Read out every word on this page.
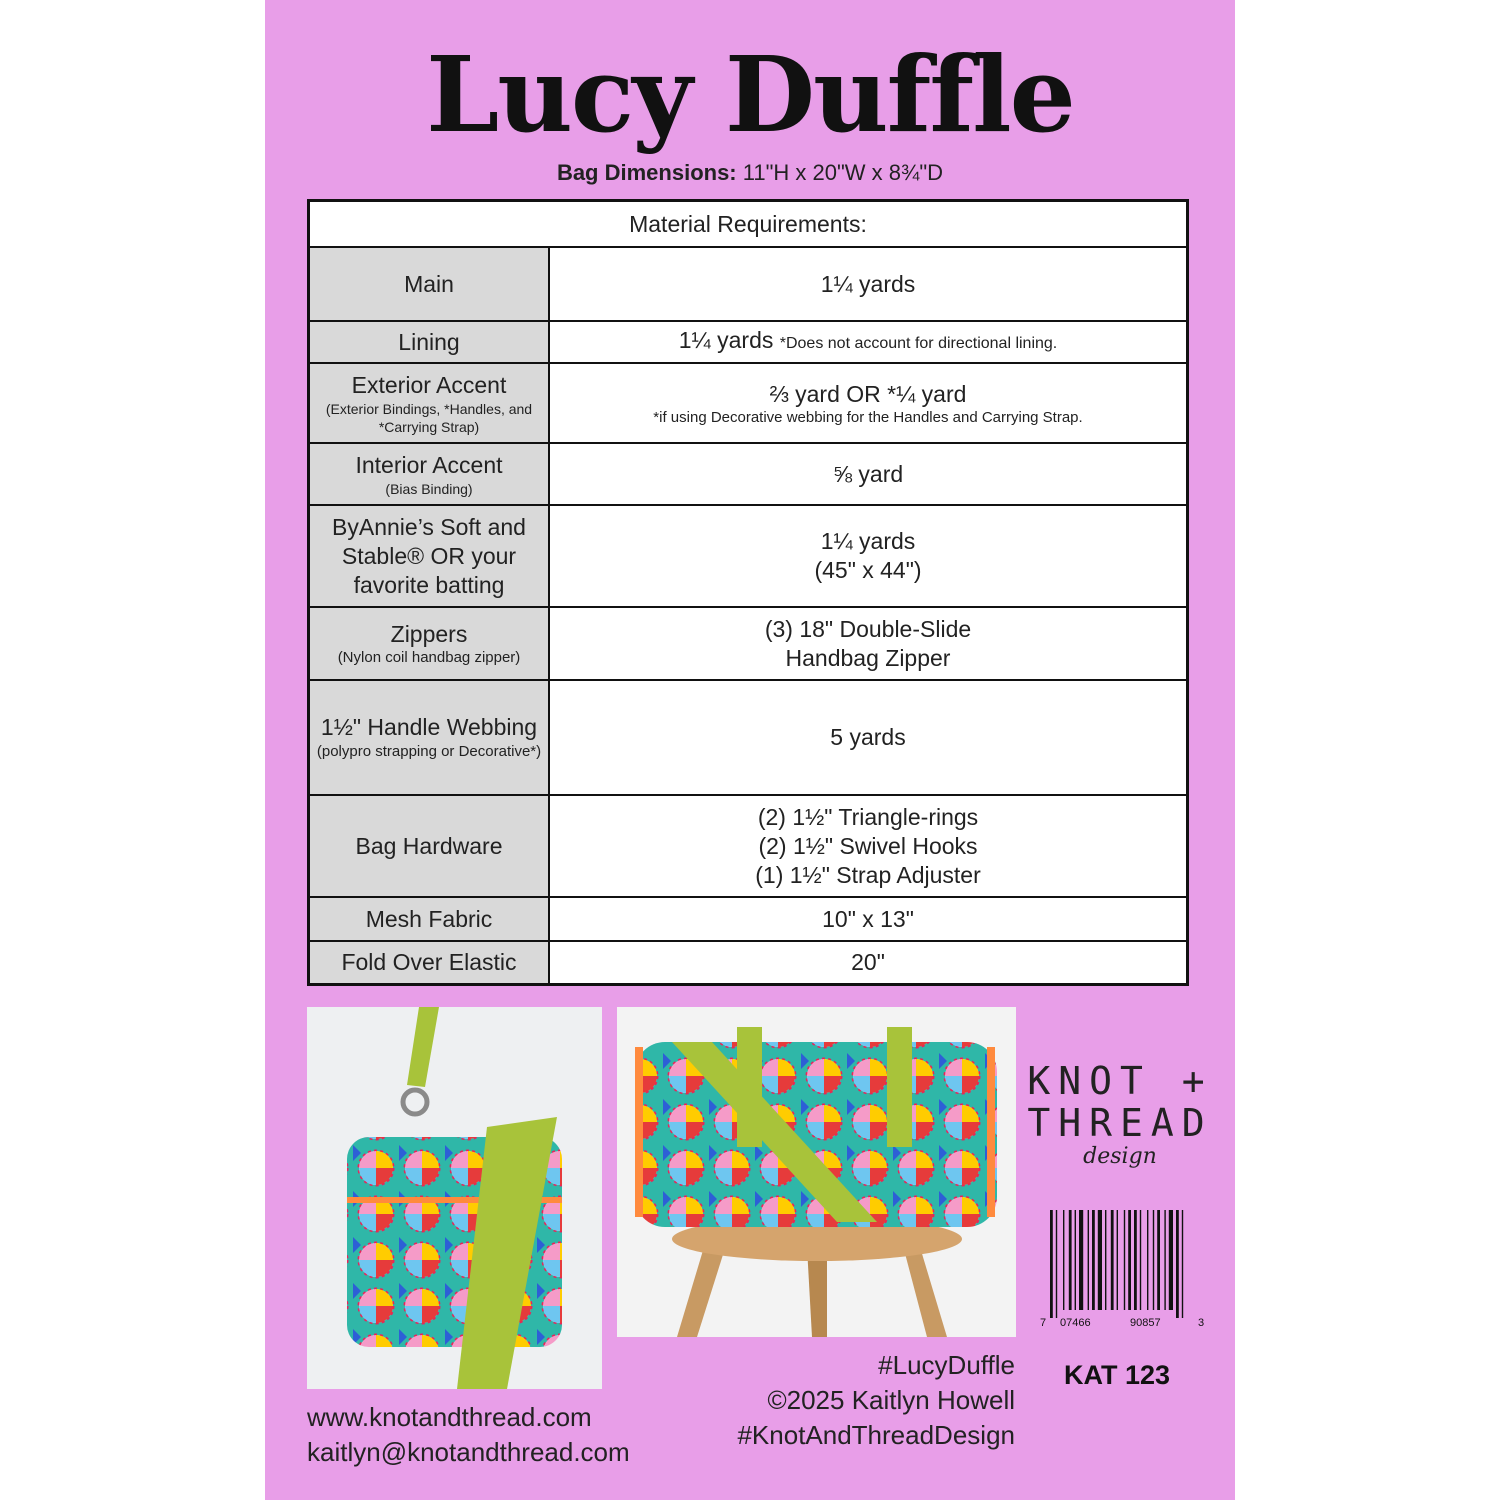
Lucy Duffle
Bag Dimensions: 11"H x 20"W x 8¾"D
Material Requirements:	
Main	1¼ yards
Lining	1¼ yards *Does not account for directional lining.
Exterior Accent
(Exterior Bindings, *Handles, and *Carrying Strap)	⅔ yard OR *¼ yard
*if using Decorative webbing for the Handles and Carrying Strap.

Interior Accent
(Bias Binding)	⅝ yard
ByAnnie’s Soft and Stable® OR your favorite batting	1¼ yards
(45" x 44")
Zippers
(Nylon coil handbag zipper)	(3) 18" Double-Slide
Handbag Zipper
1½" Handle Webbing
(polypro strapping or Decorative*)	5 yards
Bag Hardware	(2) 1½" Triangle-rings
(2) 1½" Swivel Hooks
(1) 1½" Strap Adjuster
Mesh Fabric	10" x 13"
Fold Over Elastic	20"
KNOT +
THREAD
design
7 07466	90857	3
KAT 123
#LucyDuffle
©2025 Kaitlyn Howell
#KnotAndThreadDesign
www.knotandthread.com
kaitlyn@knotandthread.com
